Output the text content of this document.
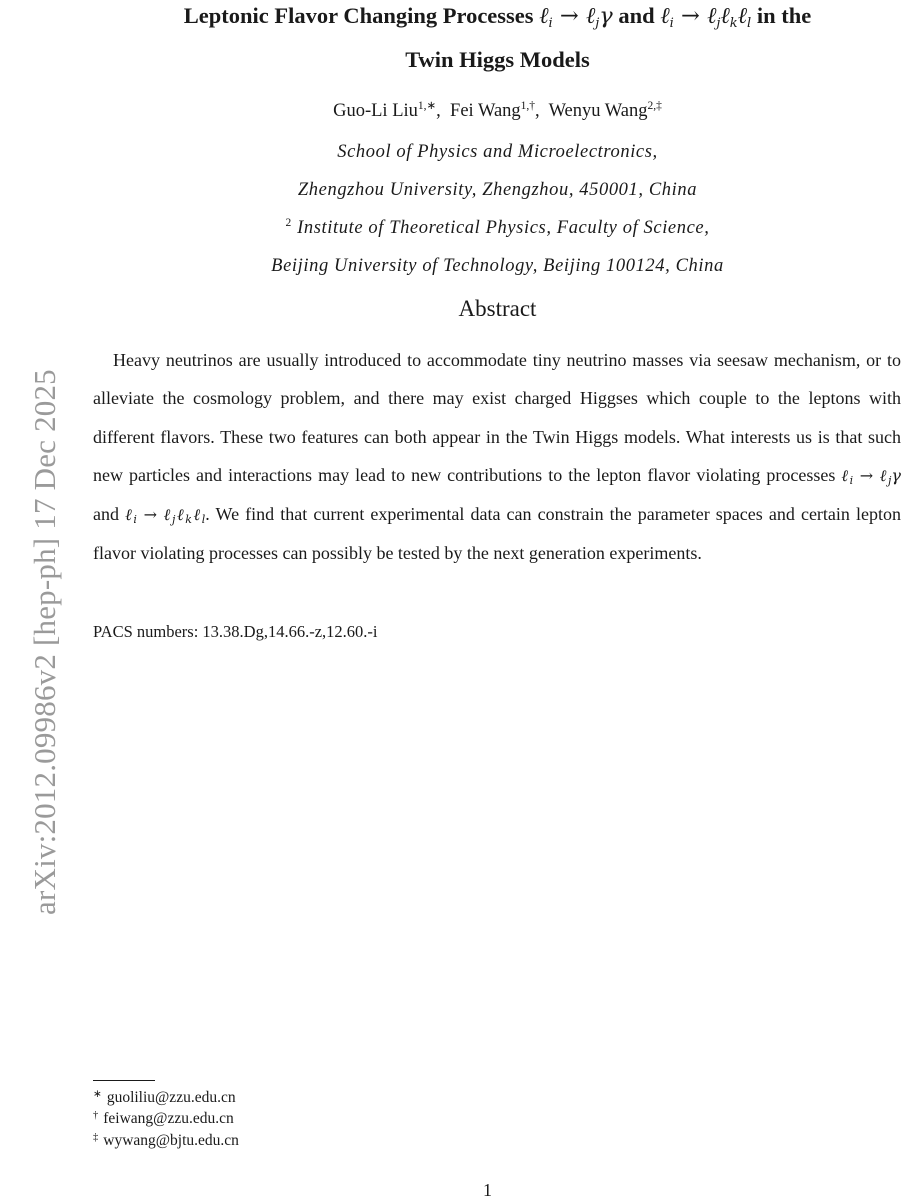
arXiv:2012.09986v2 [hep-ph] 17 Dec 2025
Leptonic Flavor Changing Processes ℓ$_i$ → ℓ$_j$γ and ℓ$_i$ → ℓ$_j$ℓ$_k$ℓ$_l$ in the
Twin Higgs Models
Guo-Li Liu$^{1,∗}$,  Fei Wang$^{1,\dagger}$,  Wenyu Wang$^{2,\ddagger}$
School of Physics and Microelectronics,
Zhengzhou University, Zhengzhou, 450001, China
$^2$ Institute of Theoretical Physics, Faculty of Science,
Beijing University of Technology, Beijing 100124, China
Abstract
Heavy neutrinos are usually introduced to accommodate tiny neutrino masses via seesaw mechanism, or to alleviate the cosmology problem, and there may exist charged Higgses which couple to the leptons with different flavors. These two features can both appear in the Twin Higgs models. What interests us is that such new particles and interactions may lead to new contributions to the lepton flavor violating processes ℓ$_i$ → ℓ$_j$γ and ℓ$_i$ → ℓ$_j$ℓ$_k$ℓ$_l$. We find that current experimental data can constrain the parameter spaces and certain lepton flavor violating processes can possibly be tested by the next generation experiments.
PACS numbers: 13.38.Dg,14.66.-z,12.60.-i
∗ guoliliu@zzu.edu.cn
† feiwang@zzu.edu.cn
‡ wywang@bjtu.edu.cn
1
